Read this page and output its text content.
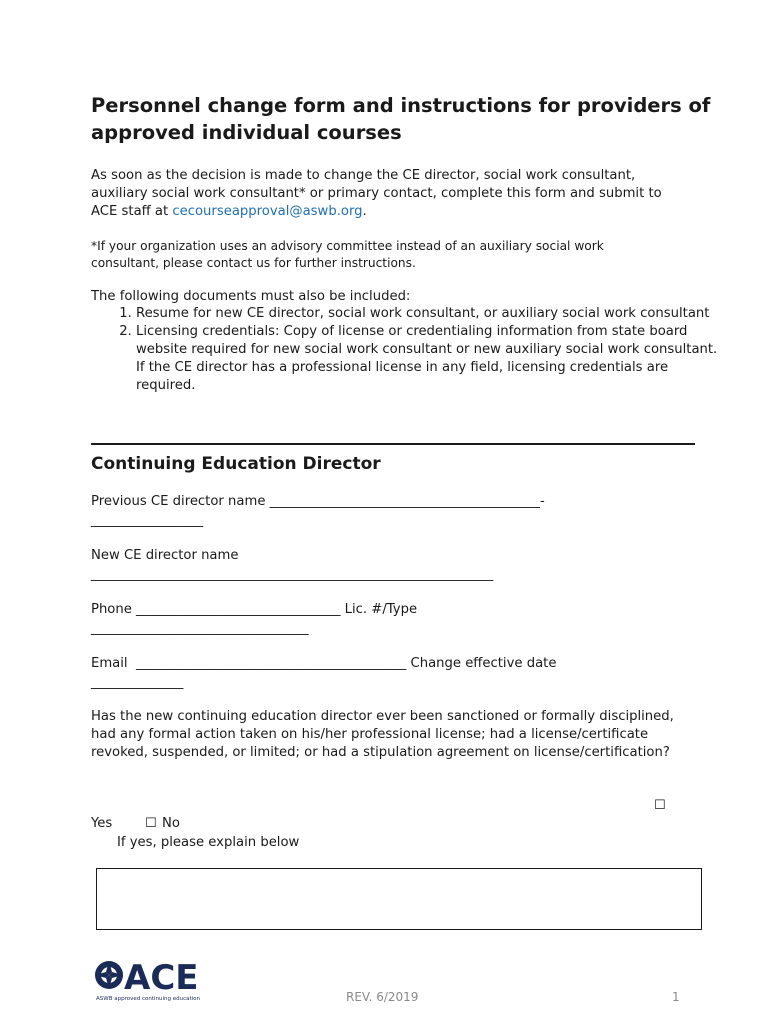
Personnel change form and instructions for providers of approved individual courses

As soon as the decision is made to change the CE director, social work consultant, auxiliary social work consultant* or primary contact, complete this form and submit to ACE staff at cecourseapproval@aswb.org.

*If your organization uses an advisory committee instead of an auxiliary social work consultant, please contact us for further instructions.

The following documents must also be included:

1. Resume for new CE director, social work consultant, or auxiliary social work consultant
2. Licensing credentials: Copy of license or credentialing information from state board website required for new social work consultant or new auxiliary social work consultant. If the CE director has a professional license in any field, licensing credentials are required.
Continuing Education Director

Previous CE director name _________________________________________-

_________________

New CE director name

_____________________________________________________________

Phone _______________________________ Lic. #/Type

_________________________________

Email  _________________________________________ Change effective date

______________

Has the new continuing education director ever been sanctioned or formally disciplined, had any formal action taken on his/her professional license; had a license/certificate revoked, suspended, or limited; or had a stipulation agreement on license/certification?

☐
Yes	☐ No

If yes, please explain below

ACE
ASWB approved continuing education	REV. 6/2019	1
